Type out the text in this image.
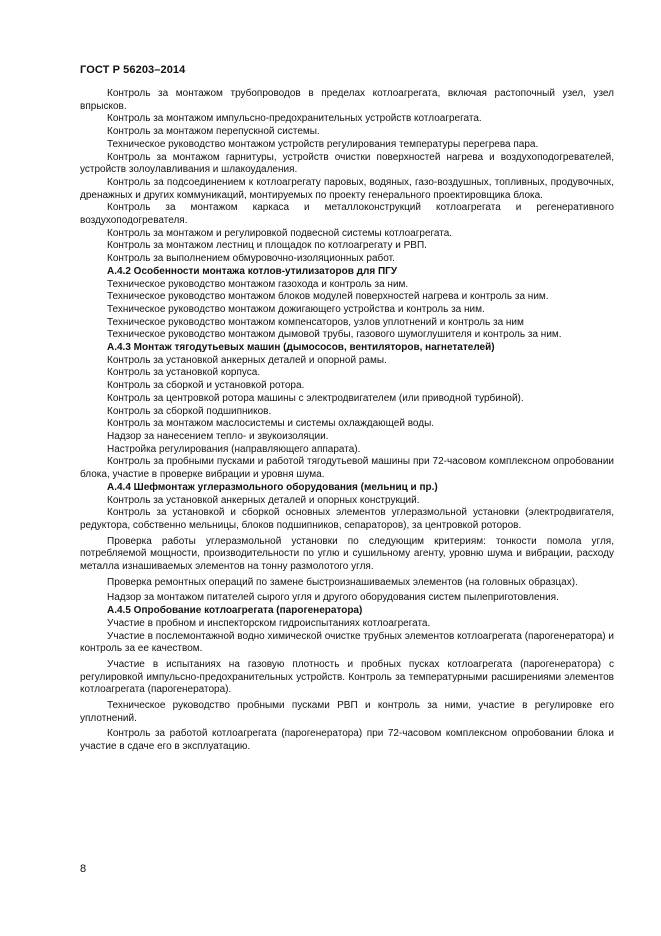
ГОСТ Р 56203–2014

Контроль за монтажом трубопроводов в пределах котлоагрегата, включая растопочный узел, узел впрысков.

Контроль за монтажом импульсно-предохранительных устройств котлоагрегата.

Контроль за монтажом перепускной системы.

Техническое руководство монтажом устройств регулирования температуры перегрева пара.

Контроль за монтажом гарнитуры, устройств очистки поверхностей нагрева и воздухоподогревателей, устройств золоулавливания и шлакоудаления.

Контроль за подсоединением к котлоагрегату паровых, водяных, газо-воздушных, топливных, продувочных, дренажных и других коммуникаций, монтируемых по проекту генерального проектировщика блока.

Контроль за монтажом каркаса и металлоконструкций котлоагрегата и регенеративного воздухоподогревателя.

Контроль за монтажом и регулировкой подвесной системы котлоагрегата.

Контроль за монтажом лестниц и площадок по котлоагрегату и РВП.

Контроль за выполнением обмуровочно-изоляционных работ.

А.4.2 Особенности монтажа котлов-утилизаторов для ПГУ

Техническое руководство монтажом газохода и контроль за ним.

Техническое руководство монтажом блоков модулей поверхностей нагрева и контроль за ним.

Техническое руководство монтажом дожигающего устройства и контроль за ним.

Техническое руководство монтажом компенсаторов, узлов уплотнений и контроль за ним

Техническое руководство монтажом дымовой трубы, газового шумоглушителя и контроль за ним.

А.4.3 Монтаж тягодутьевых машин (дымососов, вентиляторов, нагнетателей)

Контроль за установкой анкерных деталей и опорной рамы.

Контроль за установкой корпуса.

Контроль за сборкой и установкой ротора.

Контроль за центровкой ротора машины с электродвигателем (или приводной турбиной).

Контроль за сборкой подшипников.

Контроль за монтажом маслосистемы и системы охлаждающей воды.

Надзор за нанесением тепло- и звукоизоляции.

Настройка регулирования (направляющего аппарата).

Контроль за пробными пусками и работой тягодутьевой машины при 72-часовом комплексном опробовании блока, участие в проверке вибрации и уровня шума.

А.4.4 Шефмонтаж углеразмольного оборудования (мельниц и пр.)

Контроль за установкой анкерных деталей и опорных конструкций.

Контроль за установкой и сборкой основных элементов углеразмольной установки (электродвигателя, редуктора, собственно мельницы, блоков подшипников, сепараторов), за центровкой роторов.

Проверка работы углеразмольной установки по следующим критериям: тонкости помола угля, потребляемой мощности, производительности по углю и сушильному агенту, уровню шума и вибрации, расходу металла изнашиваемых элементов на тонну размолотого угля.

Проверка ремонтных операций по замене быстроизнашиваемых элементов (на головных образцах).

Надзор за монтажом питателей сырого угля и другого оборудования систем пылеприготовления.

А.4.5 Опробование котлоагрегата (парогенератора)

Участие в пробном и инспекторском гидроиспытаниях котлоагрегата.

Участие в послемонтажной водно химической очистке трубных элементов котлоагрегата (парогенератора) и контроль за ее качеством.

Участие в испытаниях на газовую плотность и пробных пусках котлоагрегата (парогенератора) с регулировкой импульсно-предохранительных устройств. Контроль за температурными расширениями элементов котлоагрегата (парогенератора).

Техническое руководство пробными пусками РВП и контроль за ними, участие в регулировке его уплотнений.

Контроль за работой котлоагрегата (парогенератора) при 72-часовом комплексном опробовании блока и участие в сдаче его в эксплуатацию.

8
